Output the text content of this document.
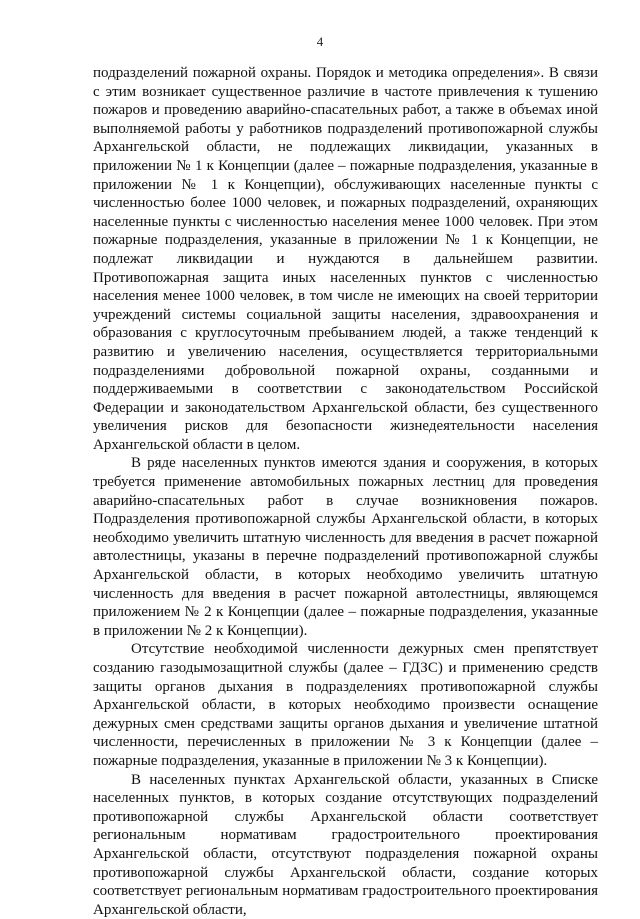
4

подразделений пожарной охраны. Порядок и методика определения». В связи с этим возникает существенное различие в частоте привлечения к тушению пожаров и проведению аварийно-спасательных работ, а также в объемах иной выполняемой работы у работников подразделений противопожарной службы Архангельской области, не подлежащих ликвидации, указанных в приложении № 1 к Концепции (далее – пожарные подразделения, указанные в приложении № 1 к Концепции), обслуживающих населенные пункты с численностью более 1000 человек, и пожарных подразделений, охраняющих населенные пункты с численностью населения менее 1000 человек. При этом пожарные подразделения, указанные в приложении № 1 к Концепции, не подлежат ликвидации и нуждаются в дальнейшем развитии. Противопожарная защита иных населенных пунктов с численностью населения менее 1000 человек, в том числе не имеющих на своей территории учреждений системы социальной защиты населения, здравоохранения и образования с круглосуточным пребыванием людей, а также тенденций к развитию и увеличению населения, осуществляется территориальными подразделениями добровольной пожарной охраны, созданными и поддерживаемыми в соответствии с законодательством Российской Федерации и законодательством Архангельской области, без существенного увеличения рисков для безопасности жизнедеятельности населения Архангельской области в целом.

В ряде населенных пунктов имеются здания и сооружения, в которых требуется применение автомобильных пожарных лестниц для проведения аварийно-спасательных работ в случае возникновения пожаров. Подразделения противопожарной службы Архангельской области, в которых необходимо увеличить штатную численность для введения в расчет пожарной автолестницы, указаны в перечне подразделений противопожарной службы Архангельской области, в которых необходимо увеличить штатную численность для введения в расчет пожарной автолестницы, являющемся приложением № 2 к Концепции (далее – пожарные подразделения, указанные в приложении № 2 к Концепции).

Отсутствие необходимой численности дежурных смен препятствует созданию газодымозащитной службы (далее – ГДЗС) и применению средств защиты органов дыхания в подразделениях противопожарной службы Архангельской области, в которых необходимо произвести оснащение дежурных смен средствами защиты органов дыхания и увеличение штатной численности, перечисленных в приложении № 3 к Концепции (далее – пожарные подразделения, указанные в приложении № 3 к Концепции).

В населенных пунктах Архангельской области, указанных в Списке населенных пунктов, в которых создание отсутствующих подразделений противопожарной службы Архангельской области соответствует региональным нормативам градостроительного проектирования Архангельской области, отсутствуют подразделения пожарной охраны противопожарной службы Архангельской области, создание которых соответствует региональным нормативам градостроительного проектирования Архангельской области,
